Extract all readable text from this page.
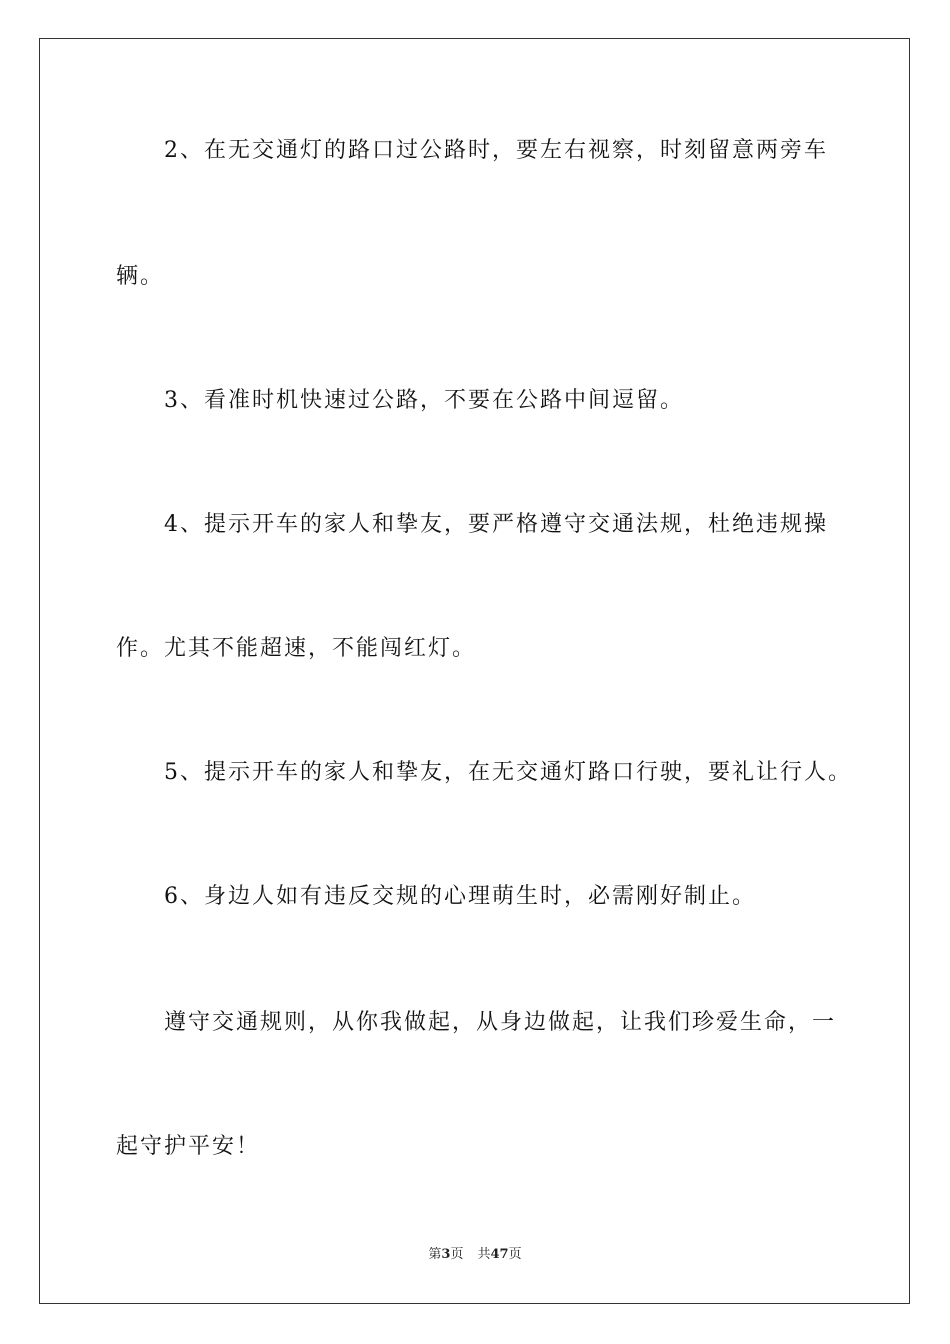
　　2、在无交通灯的路口过公路时，要左右视察，时刻留意两旁车
辆。
　　3、看准时机快速过公路，不要在公路中间逗留。
　　4、提示开车的家人和挚友，要严格遵守交通法规，杜绝违规操
作。尤其不能超速，不能闯红灯。
　　5、提示开车的家人和挚友，在无交通灯路口行驶，要礼让行人。
　　6、身边人如有违反交规的心理萌生时，必需刚好制止。
　　遵守交通规则，从你我做起，从身边做起，让我们珍爱生命，一
起守护平安！
第3页 共47页
